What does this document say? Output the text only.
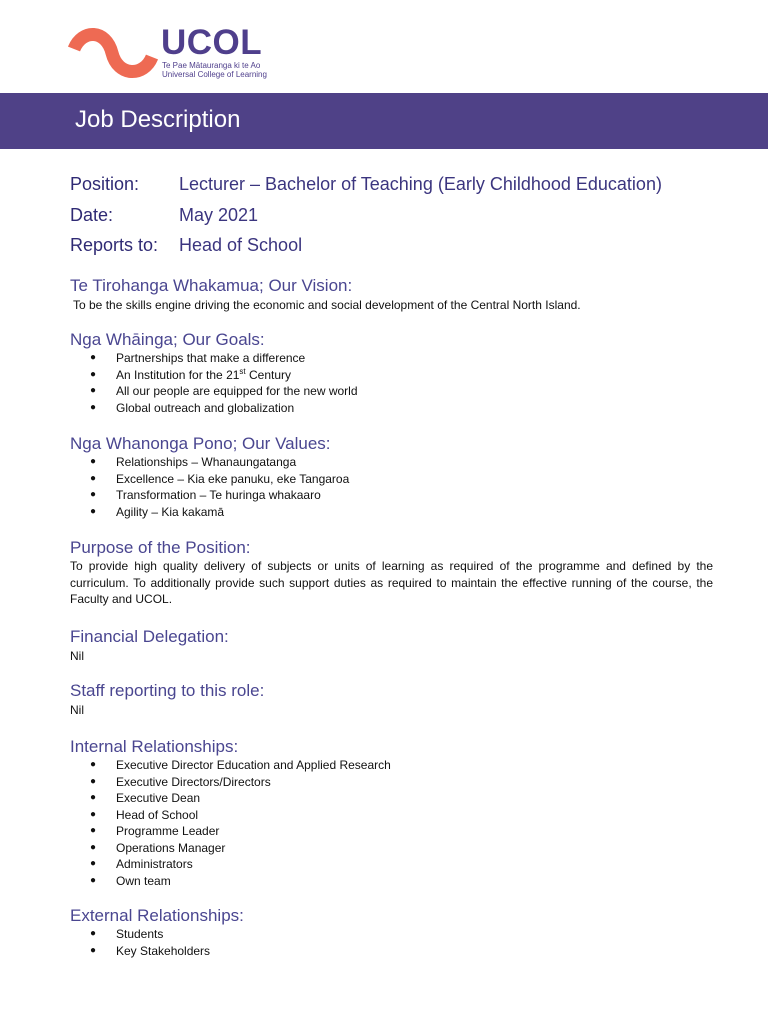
UCOL
Te Pae Mātauranga ki te Ao
Universal College of Learning
Job Description
Position: Lecturer – Bachelor of Teaching (Early Childhood Education)
Date:	May 2021
Reports to: Head of School
Te Tirohanga Whakamua; Our Vision:
To be the skills engine driving the economic and social development of the Central North Island.
Nga Whāinga; Our Goals:
● Partnerships that make a difference
● An Institution for the 21st Century
● All our people are equipped for the new world
● Global outreach and globalization
Nga Whanonga Pono; Our Values:
● Relationships – Whanaungatanga
● Excellence – Kia eke panuku, eke Tangaroa
● Transformation – Te huringa whakaaro
● Agility – Kia kakamā
Purpose of the Position:
To provide high quality delivery of subjects or units of learning as required of the programme and defined by the curriculum. To additionally provide such support duties as required to maintain the effective running of the course, the Faculty and UCOL.
Financial Delegation:
Nil
Staff reporting to this role:
Nil
Internal Relationships:
● Executive Director Education and Applied Research
● Executive Directors/Directors
● Executive Dean
● Head of School
● Programme Leader
● Operations Manager
● Administrators
● Own team
External Relationships:
● Students
● Key Stakeholders
